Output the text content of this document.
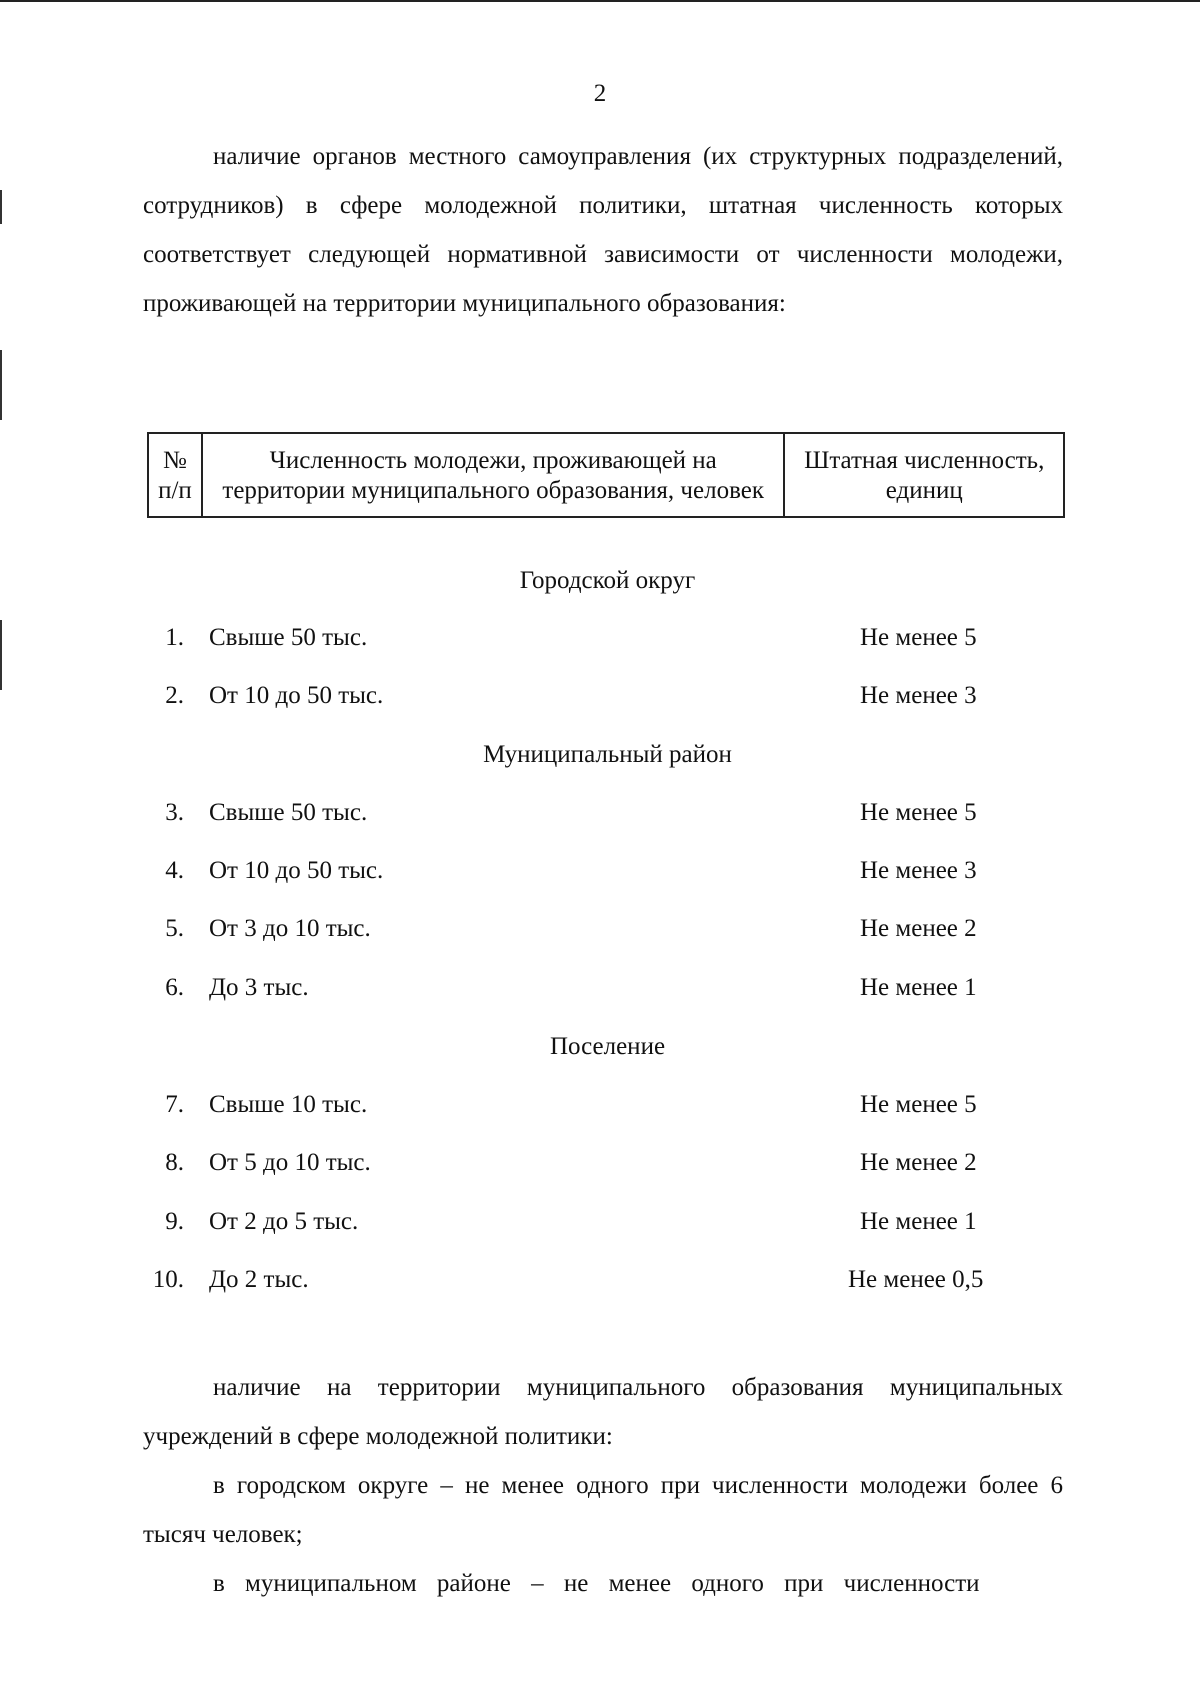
2

наличие органов местного самоуправления (их структурных подразделений, сотрудников) в сфере молодежной политики, штатная численность которых соответствует следующей нормативной зависимости от численности молодежи, проживающей на территории муниципального образования:

№ п/п	Численность молодежи, проживающей на территории муниципального образования, человек	Штатная численность, единиц
Городской округ
1. Свыше 50 тыс.	Не менее 5
2. От 10 до 50 тыс.	Не менее 3
Муниципальный район
3. Свыше 50 тыс.	Не менее 5
4. От 10 до 50 тыс.	Не менее 3
5. От 3 до 10 тыс.	Не менее 2
6. До 3 тыс.	Не менее 1
Поселение
7. Свыше 10 тыс.	Не менее 5
8. От 5 до 10 тыс.	Не менее 2
9. От 2 до 5 тыс.	Не менее 1
10. До 2 тыс.	Не менее 0,5

наличие на территории муниципального образования муниципальных учреждений в сфере молодежной политики:

в городском округе – не менее одного при численности молодежи более 6 тысяч человек;

в муниципальном районе – не менее одного при численности
